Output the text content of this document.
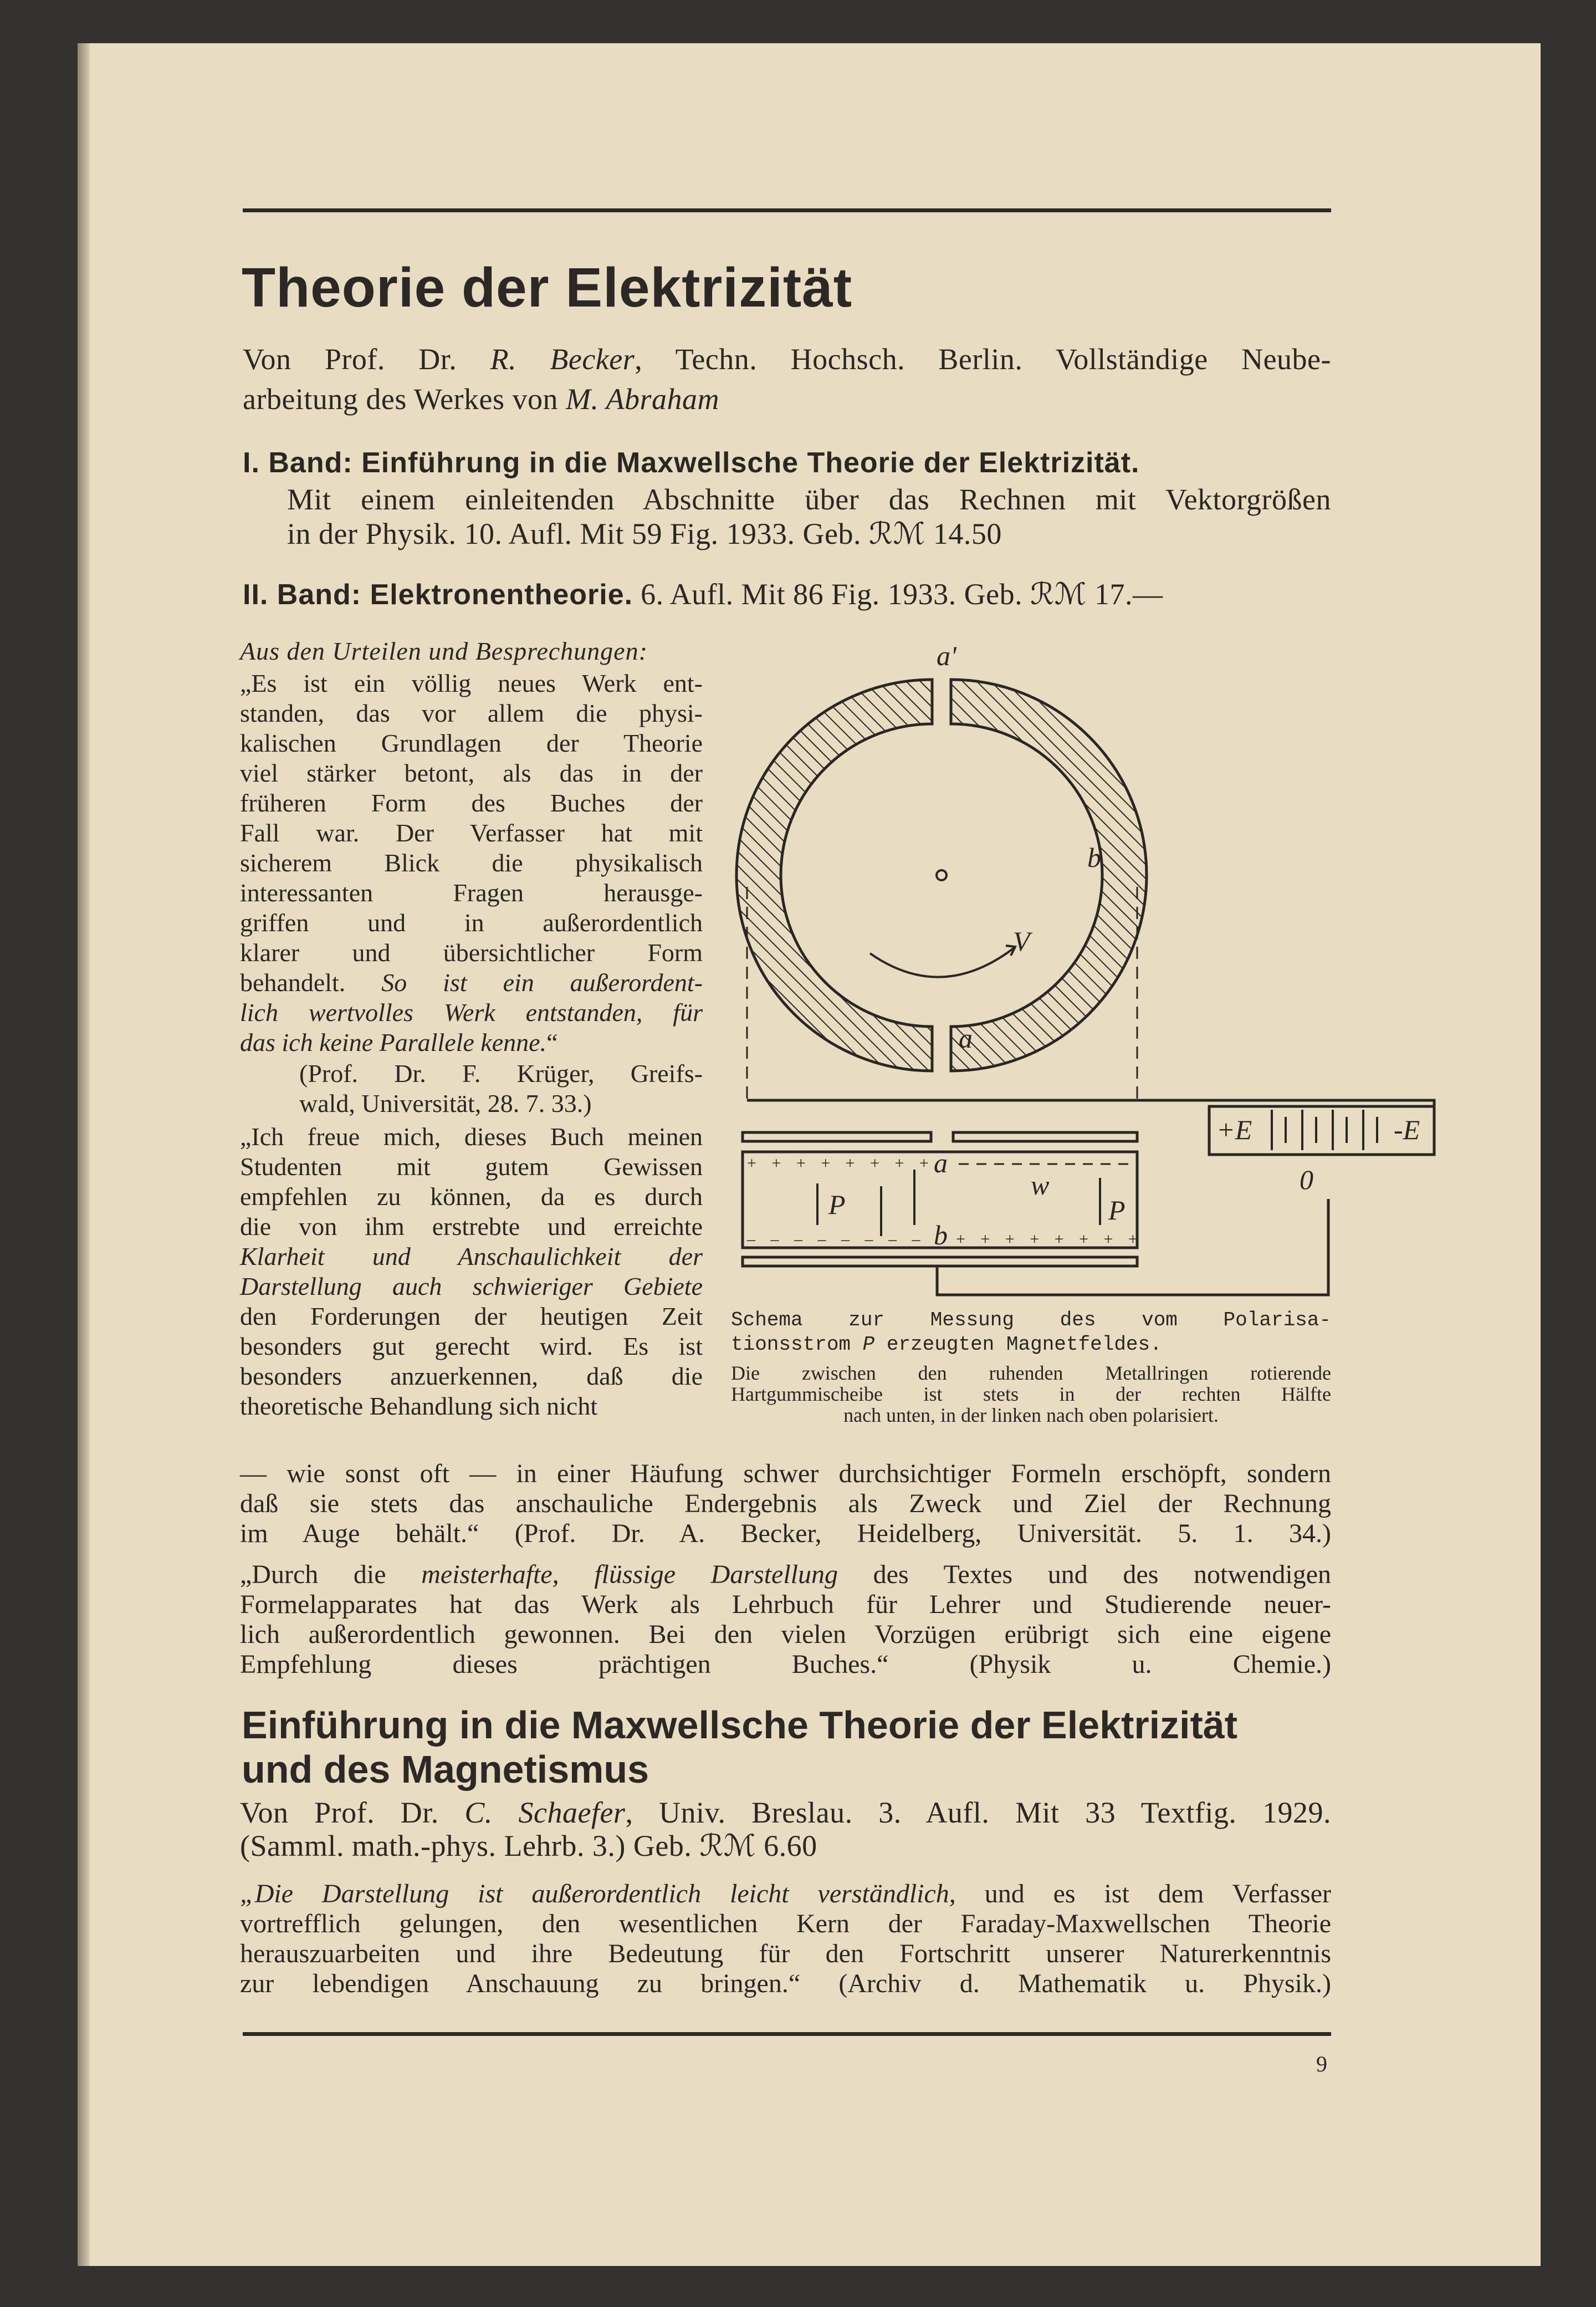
Theorie der Elektrizität
Von Prof. Dr. R. Becker, Techn. Hochsch. Berlin. Vollständige Neube-
arbeitung des Werkes von M. Abraham
I. Band: Einführung in die Maxwellsche Theorie der Elektrizität.
Mit einem einleitenden Abschnitte über das Rechnen mit Vektorgrößen
in der Physik. 10. Aufl. Mit 59 Fig. 1933. Geb. ℛℳ 14.50
II. Band: Elektronentheorie. 6. Aufl. Mit 86 Fig. 1933. Geb. ℛℳ 17.—
Aus den Urteilen und Besprechungen:
„Es ist ein völlig neues Werk ent-
standen, das vor allem die physi-
kalischen Grundlagen der Theorie
viel stärker betont, als das in der
früheren Form des Buches der
Fall war. Der Verfasser hat mit
sicherem Blick die physikalisch
interessanten Fragen herausge-
griffen und in außerordentlich
klarer und übersichtlicher Form
behandelt. So ist ein außerordent-
lich wertvolles Werk entstanden, für
das ich keine Parallele kenne.“
(Prof. Dr. F. Krüger, Greifs-
wald, Universität, 28. 7. 33.)
„Ich freue mich, dieses Buch meinen
Studenten mit gutem Gewissen
empfehlen zu können, da es durch
die von ihm erstrebte und erreichte
Klarheit und Anschaulichkeit der
Darstellung auch schwieriger Gebiete
den Forderungen der heutigen Zeit
besonders gut gerecht wird. Es ist
besonders anzuerkennen, daß die
theoretische Behandlung sich nicht
— wie sonst oft — in einer Häufung schwer durchsichtiger Formeln erschöpft, sondern
daß sie stets das anschauliche Endergebnis als Zweck und Ziel der Rechnung
im Auge behält.“ (Prof. Dr. A. Becker, Heidelberg, Universität. 5. 1. 34.)
„Durch die meisterhafte, flüssige Darstellung des Textes und des notwendigen
Formelapparates hat das Werk als Lehrbuch für Lehrer und Studierende neuer-
lich außerordentlich gewonnen. Bei den vielen Vorzügen erübrigt sich eine eigene
Empfehlung dieses prächtigen Buches.“ (Physik u. Chemie.)
a'
b
V
a
a
b
w
P	P
+E	-E
0
+ + + + + + + +
– – – – – – – – + + + + + + + +
Schema zur Messung des vom Polarisa-
tionsstrom P erzeugten Magnetfeldes.
Die zwischen den ruhenden Metallringen rotierende
Hartgummischeibe ist stets in der rechten Hälfte
nach unten, in der linken nach oben polarisiert.
Einführung in die Maxwellsche Theorie der Elektrizität
und des Magnetismus
Von Prof. Dr. C. Schaefer, Univ. Breslau. 3. Aufl. Mit 33 Textfig. 1929.
(Samml. math.-phys. Lehrb. 3.) Geb. ℛℳ 6.60
„Die Darstellung ist außerordentlich leicht verständlich, und es ist dem Verfasser
vortrefflich gelungen, den wesentlichen Kern der Faraday-Maxwellschen Theorie
herauszuarbeiten und ihre Bedeutung für den Fortschritt unserer Naturerkenntnis
zur lebendigen Anschauung zu bringen.“ (Archiv d. Mathematik u. Physik.)
9
